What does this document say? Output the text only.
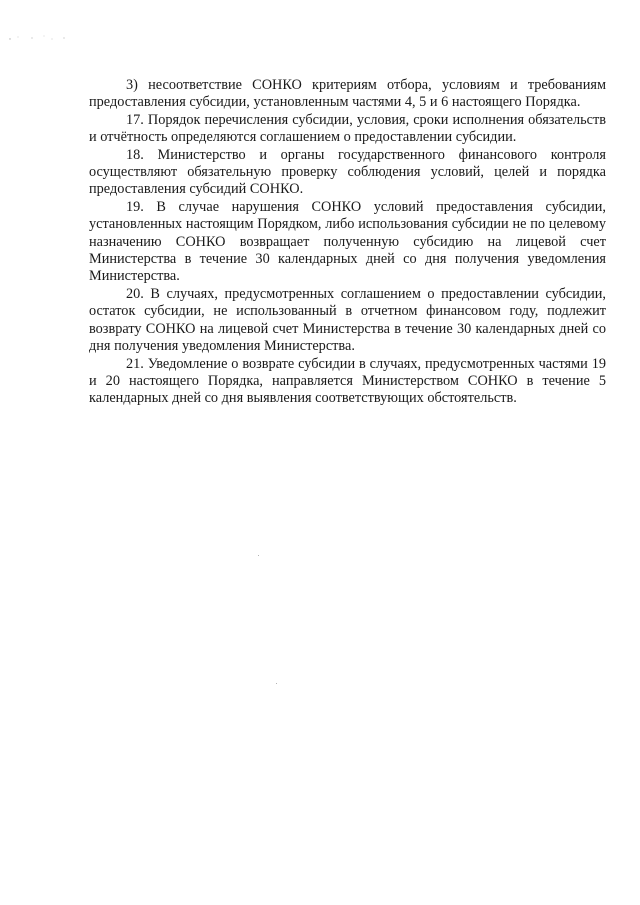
3) несоответствие СОНКО критериям отбора, условиям и требованиям предоставления субсидии, установленным частями 4, 5 и 6 настоящего Порядка.

17. Порядок перечисления субсидии, условия, сроки исполнения обязательств и отчётность определяются соглашением о предоставлении субсидии.

18. Министерство и органы государственного финансового контроля осуществляют обязательную проверку соблюдения условий, целей и порядка предоставления субсидий СОНКО.

19. В случае нарушения СОНКО условий предоставления субсидии, установленных настоящим Порядком, либо использования субсидии не по целевому назначению СОНКО возвращает полученную субсидию на лицевой счет Министерства в течение 30 календарных дней со дня получения уведомления Министерства.

20. В случаях, предусмотренных соглашением о предоставлении субсидии, остаток субсидии, не использованный в отчетном финансовом году, подлежит возврату СОНКО на лицевой счет Министерства в течение 30 календарных дней со дня получения уведомления Министерства.

21. Уведомление о возврате субсидии в случаях, предусмотренных частями 19 и 20 настоящего Порядка, направляется Министерством СОНКО в течение 5 календарных дней со дня выявления соответствующих обстоятельств.
